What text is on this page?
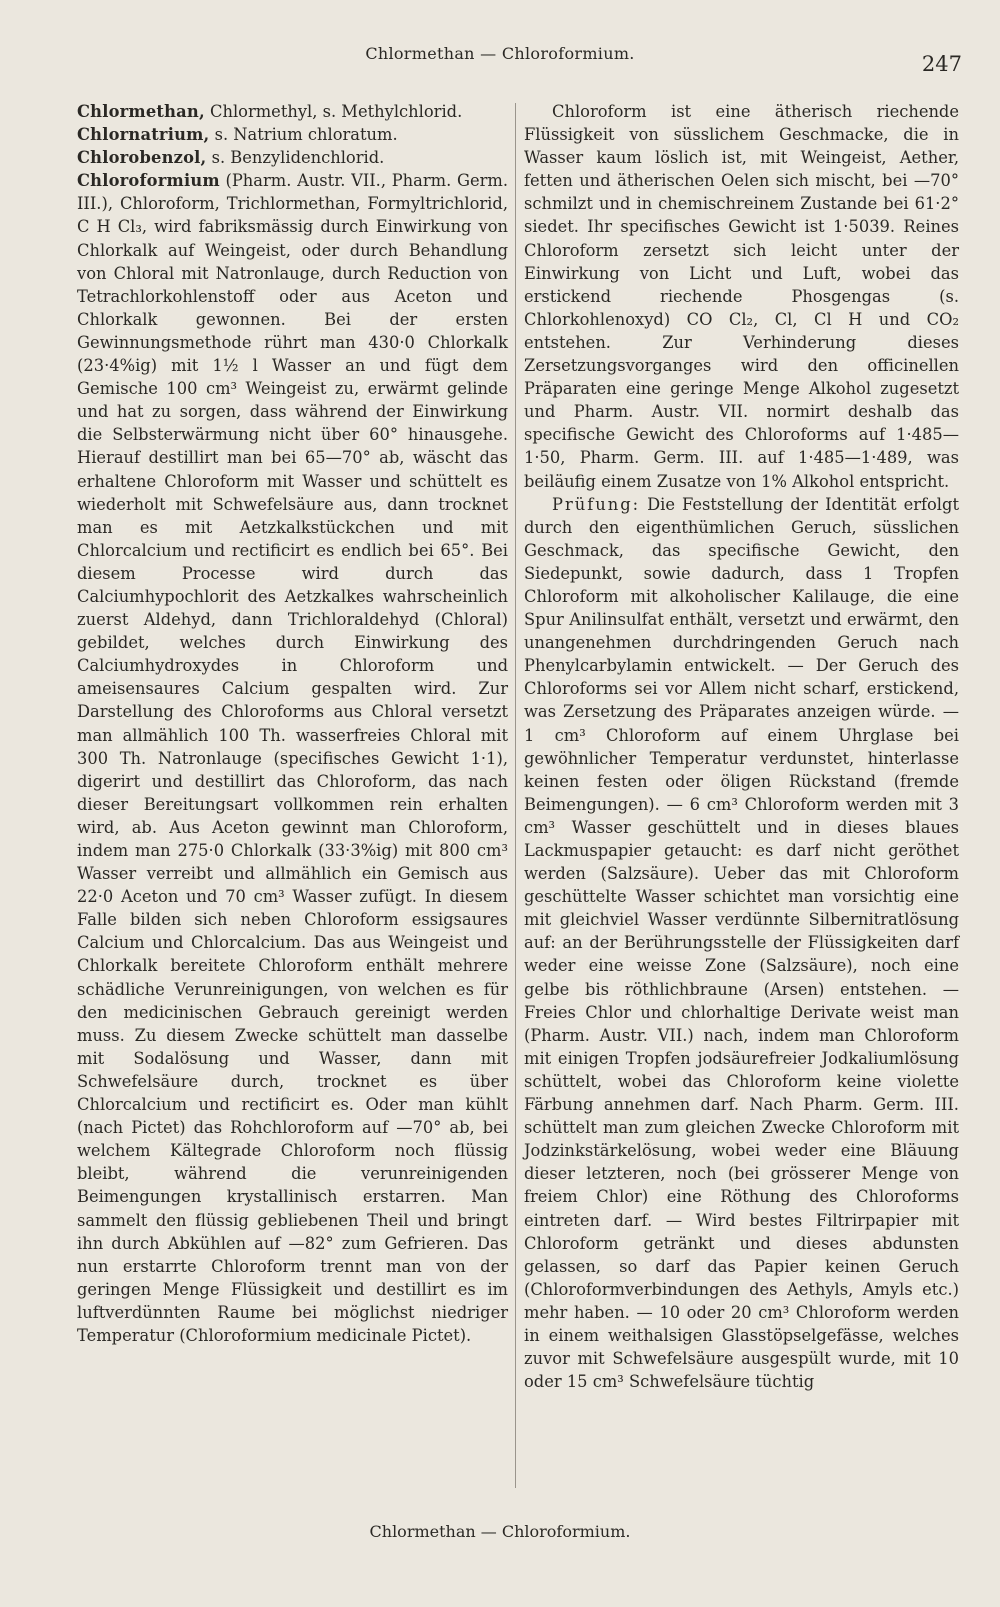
Chlormethan — Chloroformium.	247

Chlormethan, Chlormethyl, s. Methylchlorid.

Chlornatrium, s. Natrium chloratum.

Chlorobenzol, s. Benzylidenchlorid.

Chloroformium (Pharm. Austr. VII., Pharm. Germ. III.), Chloroform, Trichlormethan, Formyltrichlorid, C H Cl₃, wird fabriksmässig durch Einwirkung von Chlorkalk auf Weingeist, oder durch Behandlung von Chloral mit Natronlauge, durch Reduction von Tetrachlorkohlenstoff oder aus Aceton und Chlorkalk gewonnen. Bei der ersten Gewinnungsmethode rührt man 430·0 Chlorkalk (23·4%ig) mit 1½ l Wasser an und fügt dem Gemische 100 cm³ Weingeist zu, erwärmt gelinde und hat zu sorgen, dass während der Einwirkung die Selbsterwärmung nicht über 60° hinausgehe. Hierauf destillirt man bei 65—70° ab, wäscht das erhaltene Chloroform mit Wasser und schüttelt es wiederholt mit Schwefelsäure aus, dann trocknet man es mit Aetzkalkstückchen und mit Chlorcalcium und rectificirt es endlich bei 65°. Bei diesem Processe wird durch das Calciumhypochlorit des Aetzkalkes wahrscheinlich zuerst Aldehyd, dann Trichloraldehyd (Chloral) gebildet, welches durch Einwirkung des Calciumhydroxydes in Chloroform und ameisensaures Calcium gespalten wird. Zur Darstellung des Chloroforms aus Chloral versetzt man allmählich 100 Th. wasserfreies Chloral mit 300 Th. Natronlauge (specifisches Gewicht 1·1), digerirt und destillirt das Chloroform, das nach dieser Bereitungsart vollkommen rein erhalten wird, ab. Aus Aceton gewinnt man Chloroform, indem man 275·0 Chlorkalk (33·3%ig) mit 800 cm³ Wasser verreibt und allmählich ein Gemisch aus 22·0 Aceton und 70 cm³ Wasser zufügt. In diesem Falle bilden sich neben Chloroform essigsaures Calcium und Chlorcalcium. Das aus Weingeist und Chlorkalk bereitete Chloroform enthält mehrere schädliche Verunreinigungen, von welchen es für den medicinischen Gebrauch gereinigt werden muss. Zu diesem Zwecke schüttelt man dasselbe mit Sodalösung und Wasser, dann mit Schwefelsäure durch, trocknet es über Chlorcalcium und rectificirt es. Oder man kühlt (nach Pictet) das Rohchloroform auf —70° ab, bei welchem Kältegrade Chloroform noch flüssig bleibt, während die verunreinigenden Beimengungen krystallinisch erstarren. Man sammelt den flüssig gebliebenen Theil und bringt ihn durch Abkühlen auf —82° zum Gefrieren. Das nun erstarrte Chloroform trennt man von der geringen Menge Flüssigkeit und destillirt es im luftverdünnten Raume bei möglichst niedriger Temperatur (Chloroformium medicinale Pictet).

Chloroform ist eine ätherisch riechende Flüssigkeit von süsslichem Geschmacke, die in Wasser kaum löslich ist, mit Weingeist, Aether, fetten und ätherischen Oelen sich mischt, bei —70° schmilzt und in chemischreinem Zustande bei 61·2° siedet. Ihr specifisches Gewicht ist 1·5039. Reines Chloroform zersetzt sich leicht unter der Einwirkung von Licht und Luft, wobei das erstickend riechende Phosgengas (s. Chlorkohlenoxyd) CO Cl₂, Cl, Cl H und CO₂ entstehen. Zur Verhinderung dieses Zersetzungsvorganges wird den officinellen Präparaten eine geringe Menge Alkohol zugesetzt und Pharm. Austr. VII. normirt deshalb das specifische Gewicht des Chloroforms auf 1·485—1·50, Pharm. Germ. III. auf 1·485—1·489, was beiläufig einem Zusatze von 1% Alkohol entspricht.

Prüfung: Die Feststellung der Identität erfolgt durch den eigenthümlichen Geruch, süsslichen Geschmack, das specifische Gewicht, den Siedepunkt, sowie dadurch, dass 1 Tropfen Chloroform mit alkoholischer Kalilauge, die eine Spur Anilinsulfat enthält, versetzt und erwärmt, den unangenehmen durchdringenden Geruch nach Phenylcarbylamin entwickelt. — Der Geruch des Chloroforms sei vor Allem nicht scharf, erstickend, was Zersetzung des Präparates anzeigen würde. — 1 cm³ Chloroform auf einem Uhrglase bei gewöhnlicher Temperatur verdunstet, hinterlasse keinen festen oder öligen Rückstand (fremde Beimengungen). — 6 cm³ Chloroform werden mit 3 cm³ Wasser geschüttelt und in dieses blaues Lackmuspapier getaucht: es darf nicht geröthet werden (Salzsäure). Ueber das mit Chloroform geschüttelte Wasser schichtet man vorsichtig eine mit gleichviel Wasser verdünnte Silbernitratlösung auf: an der Berührungsstelle der Flüssigkeiten darf weder eine weisse Zone (Salzsäure), noch eine gelbe bis röthlichbraune (Arsen) entstehen. — Freies Chlor und chlorhaltige Derivate weist man (Pharm. Austr. VII.) nach, indem man Chloroform mit einigen Tropfen jodsäurefreier Jodkaliumlösung schüttelt, wobei das Chloroform keine violette Färbung annehmen darf. Nach Pharm. Germ. III. schüttelt man zum gleichen Zwecke Chloroform mit Jodzinkstärkelösung, wobei weder eine Bläuung dieser letzteren, noch (bei grösserer Menge von freiem Chlor) eine Röthung des Chloroforms eintreten darf. — Wird bestes Filtrirpapier mit Chloroform getränkt und dieses abdunsten gelassen, so darf das Papier keinen Geruch (Chloroformverbindungen des Aethyls, Amyls etc.) mehr haben. — 10 oder 20 cm³ Chloroform werden in einem weithalsigen Glasstöpselgefässe, welches zuvor mit Schwefelsäure ausgespült wurde, mit 10 oder 15 cm³ Schwefelsäure tüchtig

Chlormethan — Chloroformium.
